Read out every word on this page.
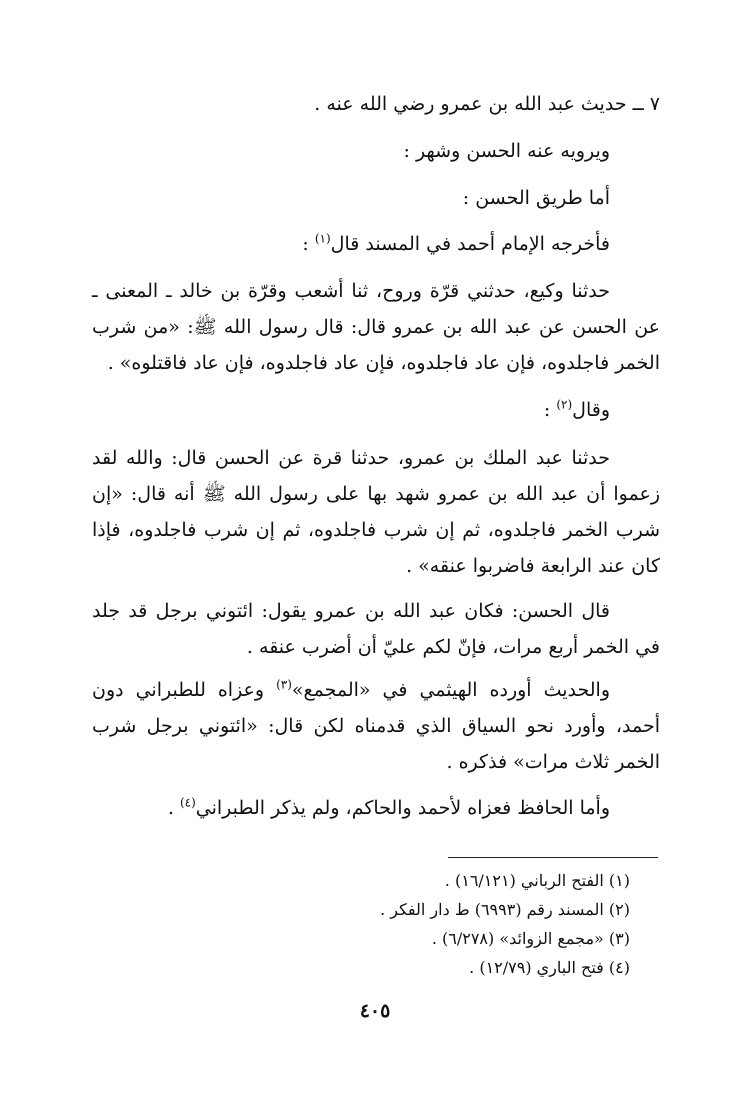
٧ ــ حديث عبد الله بن عمرو رضي الله عنه .
ويرويه عنه الحسن وشهر :
أما طريق الحسن :
فأخرجه الإمام أحمد في المسند قال$^{(١)}$ :
حدثنا وكيع، حدثني قرّة وروح، ثنا أشعب وقرّة بن خالد ـ المعنى ـ عن الحسن عن عبد الله بن عمرو قال: قال رسول الله ﷺ: «من شرب الخمر فاجلدوه، فإن عاد فاجلدوه، فإن عاد فاجلدوه، فإن عاد فاقتلوه» .
وقال$^{(٢)}$ :
حدثنا عبد الملك بن عمرو، حدثنا قرة عن الحسن قال: والله لقد زعموا أن عبد الله بن عمرو شهد بها على رسول الله ﷺ أنه قال: «إن شرب الخمر فاجلدوه، ثم إن شرب فاجلدوه، ثم إن شرب فاجلدوه، فإذا كان عند الرابعة فاضربوا عنقه» .
قال الحسن: فكان عبد الله بن عمرو يقول: ائتوني برجل قد جلد في الخمر أربع مرات، فإنّ لكم عليّ أن أضرب عنقه .
والحديث أورده الهيثمي في «المجمع»$^{(٣)}$ وعزاه للطبراني دون أحمد، وأورد نحو السياق الذي قدمناه لكن قال: «ائتوني برجل شرب الخمر ثلاث مرات» فذكره .
وأما الحافظ فعزاه لأحمد والحاكم، ولم يذكر الطبراني$^{(٤)}$ .
(١) الفتح الرباني (١٦/١٢١) .
(٢) المسند رقم (٦٩٩٣) ط دار الفكر .
(٣) «مجمع الزوائد» (٦/٢٧٨) .
(٤) فتح الباري (١٢/٧٩) .
٤٠٥
